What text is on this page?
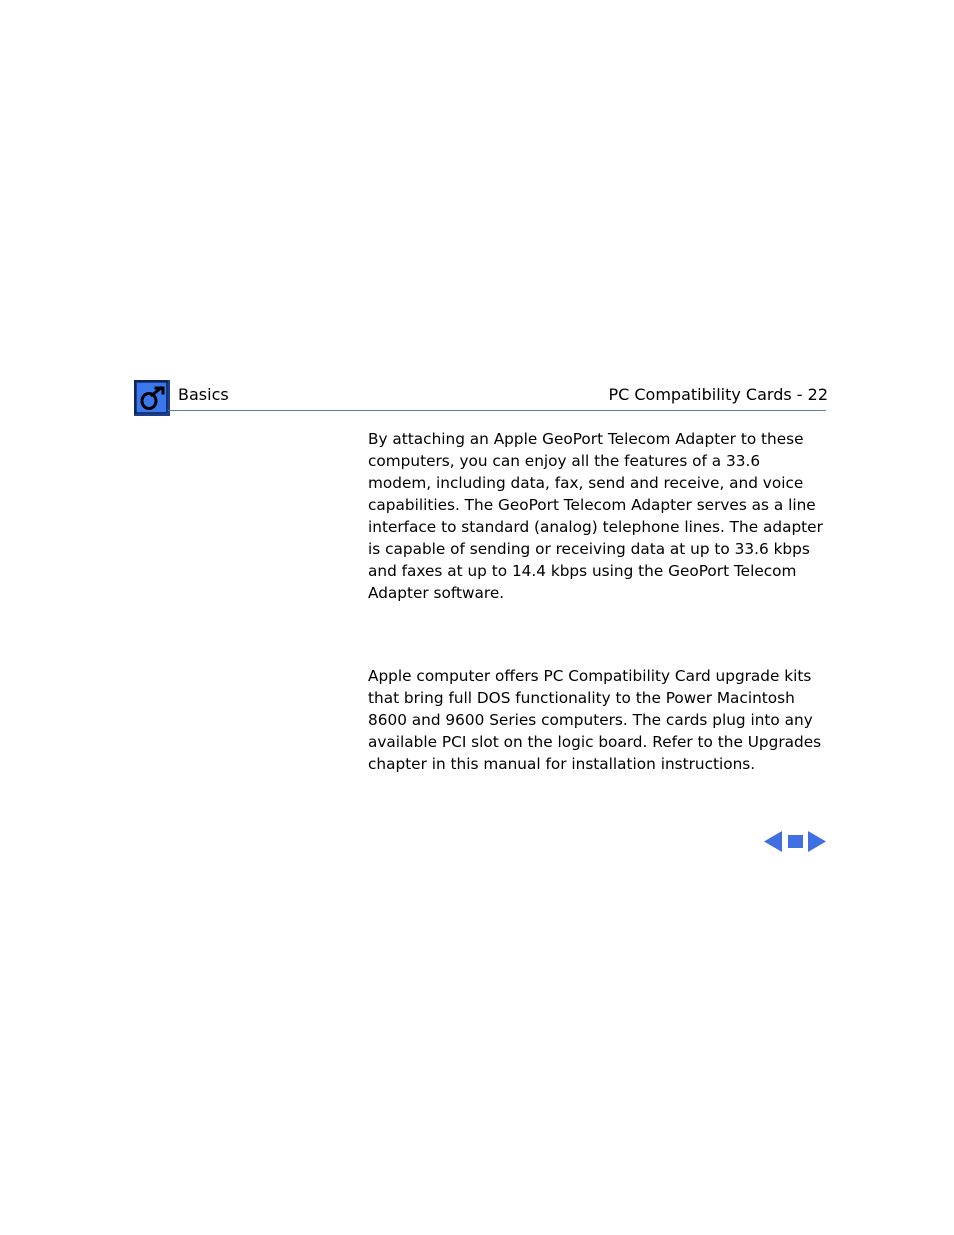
Basics	PC Compatibility Cards - 22

By attaching an Apple GeoPort Telecom Adapter to these computers, you can enjoy all the features of a 33.6 modem, including data, fax, send and receive, and voice capabilities. The GeoPort Telecom Adapter serves as a line interface to standard (analog) telephone lines. The adapter is capable of sending or receiving data at up to 33.6 kbps and faxes at up to 14.4 kbps using the GeoPort Telecom Adapter software.

Apple computer offers PC Compatibility Card upgrade kits that bring full DOS functionality to the Power Macintosh 8600 and 9600 Series computers. The cards plug into any available PCI slot on the logic board. Refer to the Upgrades chapter in this manual for installation instructions.
